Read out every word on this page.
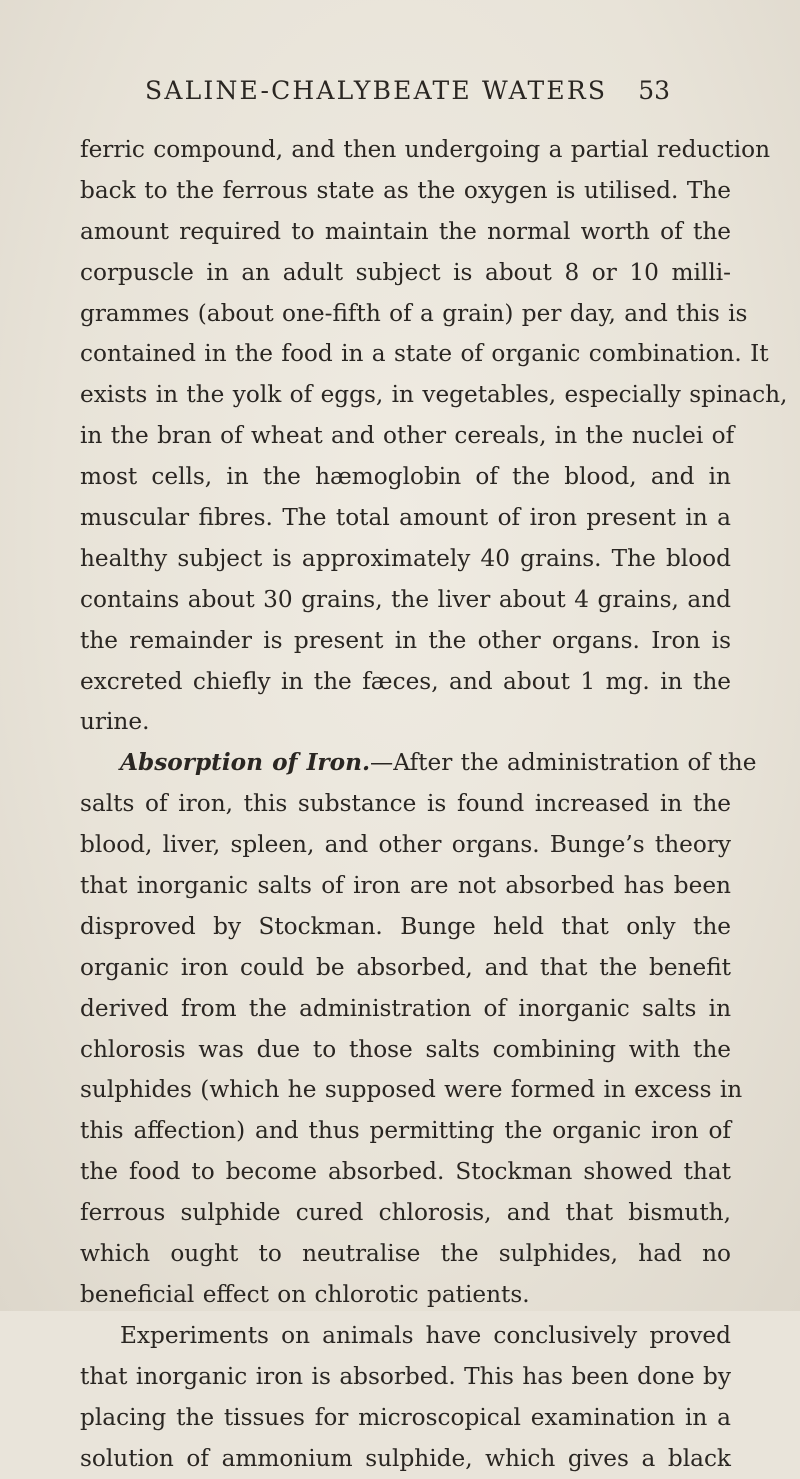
SALINE-CHALYBEATE WATERS 53
ferric compound, and then undergoing a partial reduction
back to the ferrous state as the oxygen is utilised. The
amount required to maintain the normal worth of the
corpuscle in an adult subject is about 8 or 10 milli-
grammes (about one-fifth of a grain) per day, and this is
contained in the food in a state of organic combination. It
exists in the yolk of eggs, in vegetables, especially spinach,
in the bran of wheat and other cereals, in the nuclei of
most cells, in the hæmoglobin of the blood, and in
muscular fibres. The total amount of iron present in a
healthy subject is approximately 40 grains. The blood
contains about 30 grains, the liver about 4 grains, and
the remainder is present in the other organs. Iron is
excreted chiefly in the fæces, and about 1 mg. in the
urine.
Absorption of Iron.—After the administration of the
salts of iron, this substance is found increased in the
blood, liver, spleen, and other organs. Bunge’s theory
that inorganic salts of iron are not absorbed has been
disproved by Stockman. Bunge held that only the
organic iron could be absorbed, and that the benefit
derived from the administration of inorganic salts in
chlorosis was due to those salts combining with the
sulphides (which he supposed were formed in excess in
this affection) and thus permitting the organic iron of
the food to become absorbed. Stockman showed that
ferrous sulphide cured chlorosis, and that bismuth,
which ought to neutralise the sulphides, had no
beneficial effect on chlorotic patients.
Experiments on animals have conclusively proved
that inorganic iron is absorbed. This has been done by
placing the tissues for microscopical examination in a
solution of ammonium sulphide, which gives a black
